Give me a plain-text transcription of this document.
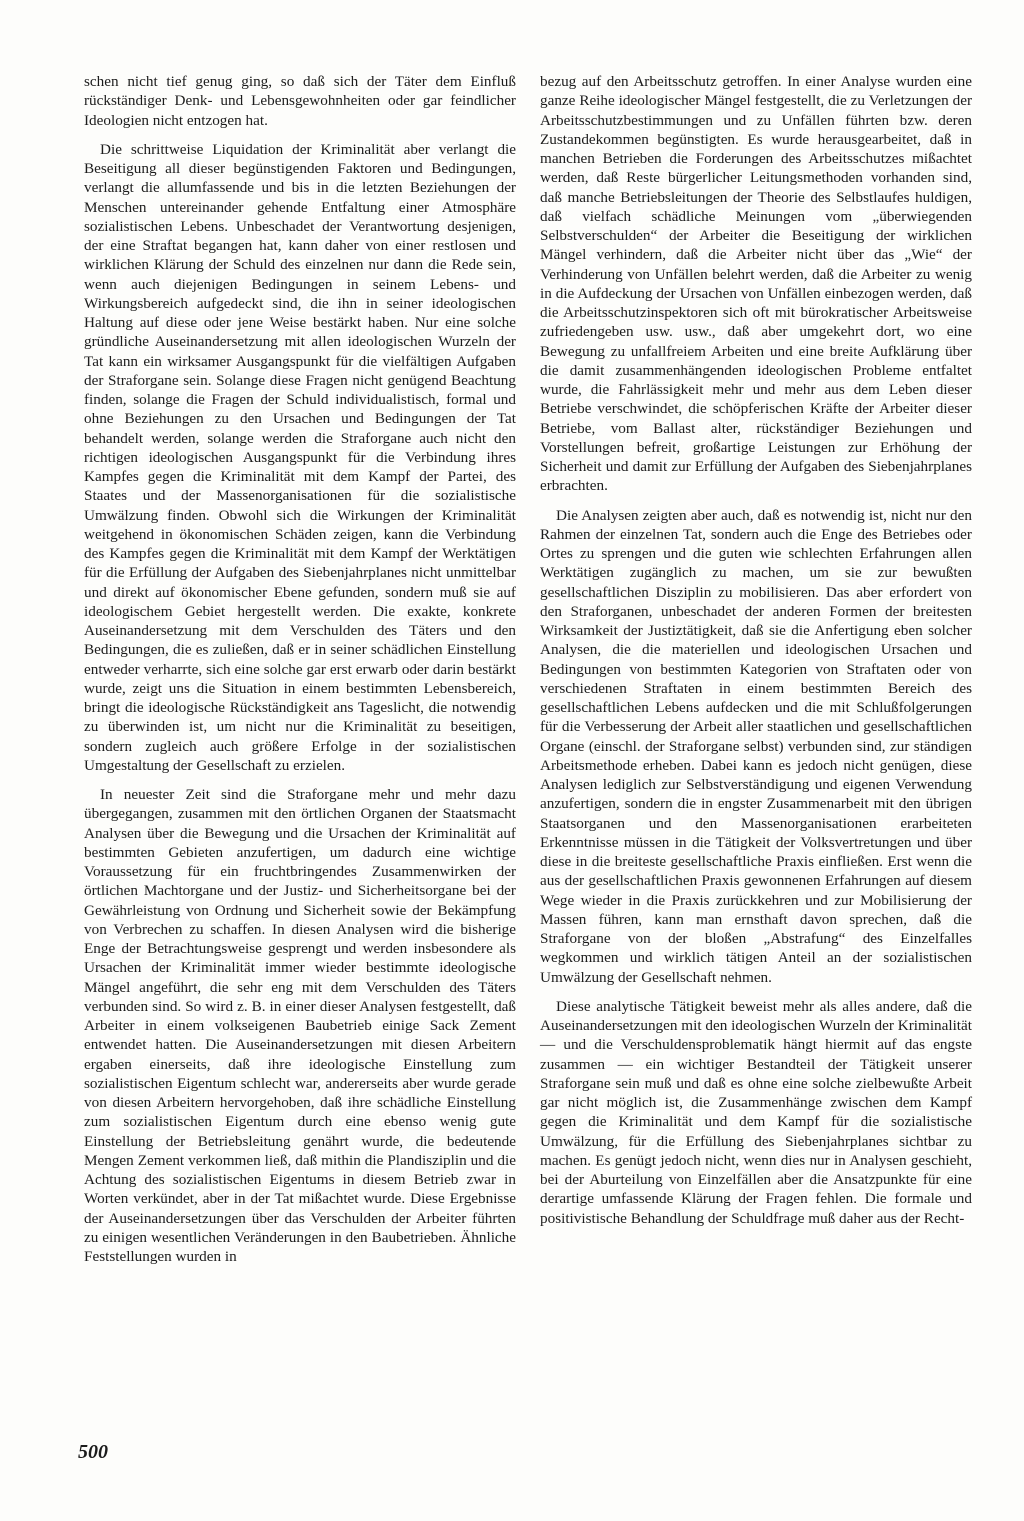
schen nicht tief genug ging, so daß sich der Täter dem Einfluß rückständiger Denk- und Lebensgewohnheiten oder gar feindlicher Ideologien nicht entzogen hat.

Die schrittweise Liquidation der Kriminalität aber verlangt die Beseitigung all dieser begünstigenden Faktoren und Bedingungen, verlangt die allumfassende und bis in die letzten Beziehungen der Menschen untereinander gehende Entfaltung einer Atmosphäre sozialistischen Lebens. Unbeschadet der Verantwortung desjenigen, der eine Straftat begangen hat, kann daher von einer restlosen und wirklichen Klärung der Schuld des einzelnen nur dann die Rede sein, wenn auch diejenigen Bedingungen in seinem Lebens- und Wirkungsbereich aufgedeckt sind, die ihn in seiner ideologischen Haltung auf diese oder jene Weise bestärkt haben. Nur eine solche gründliche Auseinandersetzung mit allen ideologischen Wurzeln der Tat kann ein wirksamer Ausgangspunkt für die vielfältigen Aufgaben der Straforgane sein. Solange diese Fragen nicht genügend Beachtung finden, solange die Fragen der Schuld individualistisch, formal und ohne Beziehungen zu den Ursachen und Bedingungen der Tat behandelt werden, solange werden die Straforgane auch nicht den richtigen ideologischen Ausgangspunkt für die Verbindung ihres Kampfes gegen die Kriminalität mit dem Kampf der Partei, des Staates und der Massenorganisationen für die sozialistische Umwälzung finden. Obwohl sich die Wirkungen der Kriminalität weitgehend in ökonomischen Schäden zeigen, kann die Verbindung des Kampfes gegen die Kriminalität mit dem Kampf der Werktätigen für die Erfüllung der Aufgaben des Siebenjahrplanes nicht unmittelbar und direkt auf ökonomischer Ebene gefunden, sondern muß sie auf ideologischem Gebiet hergestellt werden. Die exakte, konkrete Auseinandersetzung mit dem Verschulden des Täters und den Bedingungen, die es zuließen, daß er in seiner schädlichen Einstellung entweder verharrte, sich eine solche gar erst erwarb oder darin bestärkt wurde, zeigt uns die Situation in einem bestimmten Lebensbereich, bringt die ideologische Rückständigkeit ans Tageslicht, die notwendig zu überwinden ist, um nicht nur die Kriminalität zu beseitigen, sondern zugleich auch größere Erfolge in der sozialistischen Umgestaltung der Gesellschaft zu erzielen.

In neuester Zeit sind die Straforgane mehr und mehr dazu übergegangen, zusammen mit den örtlichen Organen der Staatsmacht Analysen über die Bewegung und die Ursachen der Kriminalität auf bestimmten Gebieten anzufertigen, um dadurch eine wichtige Voraussetzung für ein fruchtbringendes Zusammenwirken der örtlichen Machtorgane und der Justiz- und Sicherheitsorgane bei der Gewährleistung von Ordnung und Sicherheit sowie der Bekämpfung von Verbrechen zu schaffen. In diesen Analysen wird die bisherige Enge der Betrachtungsweise gesprengt und werden insbesondere als Ursachen der Kriminalität immer wieder bestimmte ideologische Mängel angeführt, die sehr eng mit dem Verschulden des Täters verbunden sind. So wird z. B. in einer dieser Analysen festgestellt, daß Arbeiter in einem volkseigenen Baubetrieb einige Sack Zement entwendet hatten. Die Auseinandersetzungen mit diesen Arbeitern ergaben einerseits, daß ihre ideologische Einstellung zum sozialistischen Eigentum schlecht war, andererseits aber wurde gerade von diesen Arbeitern hervorgehoben, daß ihre schädliche Einstellung zum sozialistischen Eigentum durch eine ebenso wenig gute Einstellung der Betriebsleitung genährt wurde, die bedeutende Mengen Zement verkommen ließ, daß mithin die Plandisziplin und die Achtung des sozialistischen Eigentums in diesem Betrieb zwar in Worten verkündet, aber in der Tat mißachtet wurde. Diese Ergebnisse der Auseinandersetzungen über das Verschulden der Arbeiter führten zu einigen wesentlichen Veränderungen in den Baubetrieben. Ähnliche Feststellungen wurden in

bezug auf den Arbeitsschutz getroffen. In einer Analyse wurden eine ganze Reihe ideologischer Mängel festgestellt, die zu Verletzungen der Arbeitsschutzbestimmungen und zu Unfällen führten bzw. deren Zustandekommen begünstigten. Es wurde herausgearbeitet, daß in manchen Betrieben die Forderungen des Arbeitsschutzes mißachtet werden, daß Reste bürgerlicher Leitungsmethoden vorhanden sind, daß manche Betriebsleitungen der Theorie des Selbstlaufes huldigen, daß vielfach schädliche Meinungen vom „überwiegenden Selbstverschulden“ der Arbeiter die Beseitigung der wirklichen Mängel verhindern, daß die Arbeiter nicht über das „Wie“ der Verhinderung von Unfällen belehrt werden, daß die Arbeiter zu wenig in die Aufdeckung der Ursachen von Unfällen einbezogen werden, daß die Arbeitsschutzinspektoren sich oft mit bürokratischer Arbeitsweise zufriedengeben usw. usw., daß aber umgekehrt dort, wo eine Bewegung zu unfallfreiem Arbeiten und eine breite Aufklärung über die damit zusammenhängenden ideologischen Probleme entfaltet wurde, die Fahrlässigkeit mehr und mehr aus dem Leben dieser Betriebe verschwindet, die schöpferischen Kräfte der Arbeiter dieser Betriebe, vom Ballast alter, rückständiger Beziehungen und Vorstellungen befreit, großartige Leistungen zur Erhöhung der Sicherheit und damit zur Erfüllung der Aufgaben des Siebenjahrplanes erbrachten.

Die Analysen zeigten aber auch, daß es notwendig ist, nicht nur den Rahmen der einzelnen Tat, sondern auch die Enge des Betriebes oder Ortes zu sprengen und die guten wie schlechten Erfahrungen allen Werktätigen zugänglich zu machen, um sie zur bewußten gesellschaftlichen Disziplin zu mobilisieren. Das aber erfordert von den Straforganen, unbeschadet der anderen Formen der breitesten Wirksamkeit der Justiztätigkeit, daß sie die Anfertigung eben solcher Analysen, die die materiellen und ideologischen Ursachen und Bedingungen von bestimmten Kategorien von Straftaten oder von verschiedenen Straftaten in einem bestimmten Bereich des gesellschaftlichen Lebens aufdecken und die mit Schlußfolgerungen für die Verbesserung der Arbeit aller staatlichen und gesellschaftlichen Organe (einschl. der Straforgane selbst) verbunden sind, zur ständigen Arbeitsmethode erheben. Dabei kann es jedoch nicht genügen, diese Analysen lediglich zur Selbstverständigung und eigenen Verwendung anzufertigen, sondern die in engster Zusammenarbeit mit den übrigen Staatsorganen und den Massenorganisationen erarbeiteten Erkenntnisse müssen in die Tätigkeit der Volksvertretungen und über diese in die breiteste gesellschaftliche Praxis einfließen. Erst wenn die aus der gesellschaftlichen Praxis gewonnenen Erfahrungen auf diesem Wege wieder in die Praxis zurückkehren und zur Mobilisierung der Massen führen, kann man ernsthaft davon sprechen, daß die Straforgane von der bloßen „Abstrafung“ des Einzelfalles wegkommen und wirklich tätigen Anteil an der sozialistischen Umwälzung der Gesellschaft nehmen.

Diese analytische Tätigkeit beweist mehr als alles andere, daß die Auseinandersetzungen mit den ideologischen Wurzeln der Kriminalität — und die Verschuldensproblematik hängt hiermit auf das engste zusammen — ein wichtiger Bestandteil der Tätigkeit unserer Straforgane sein muß und daß es ohne eine solche zielbewußte Arbeit gar nicht möglich ist, die Zusammenhänge zwischen dem Kampf gegen die Kriminalität und dem Kampf für die sozialistische Umwälzung, für die Erfüllung des Siebenjahrplanes sichtbar zu machen. Es genügt jedoch nicht, wenn dies nur in Analysen geschieht, bei der Aburteilung von Einzelfällen aber die Ansatzpunkte für eine derartige umfassende Klärung der Fragen fehlen. Die formale und positivistische Behandlung der Schuldfrage muß daher aus der Recht-

500
